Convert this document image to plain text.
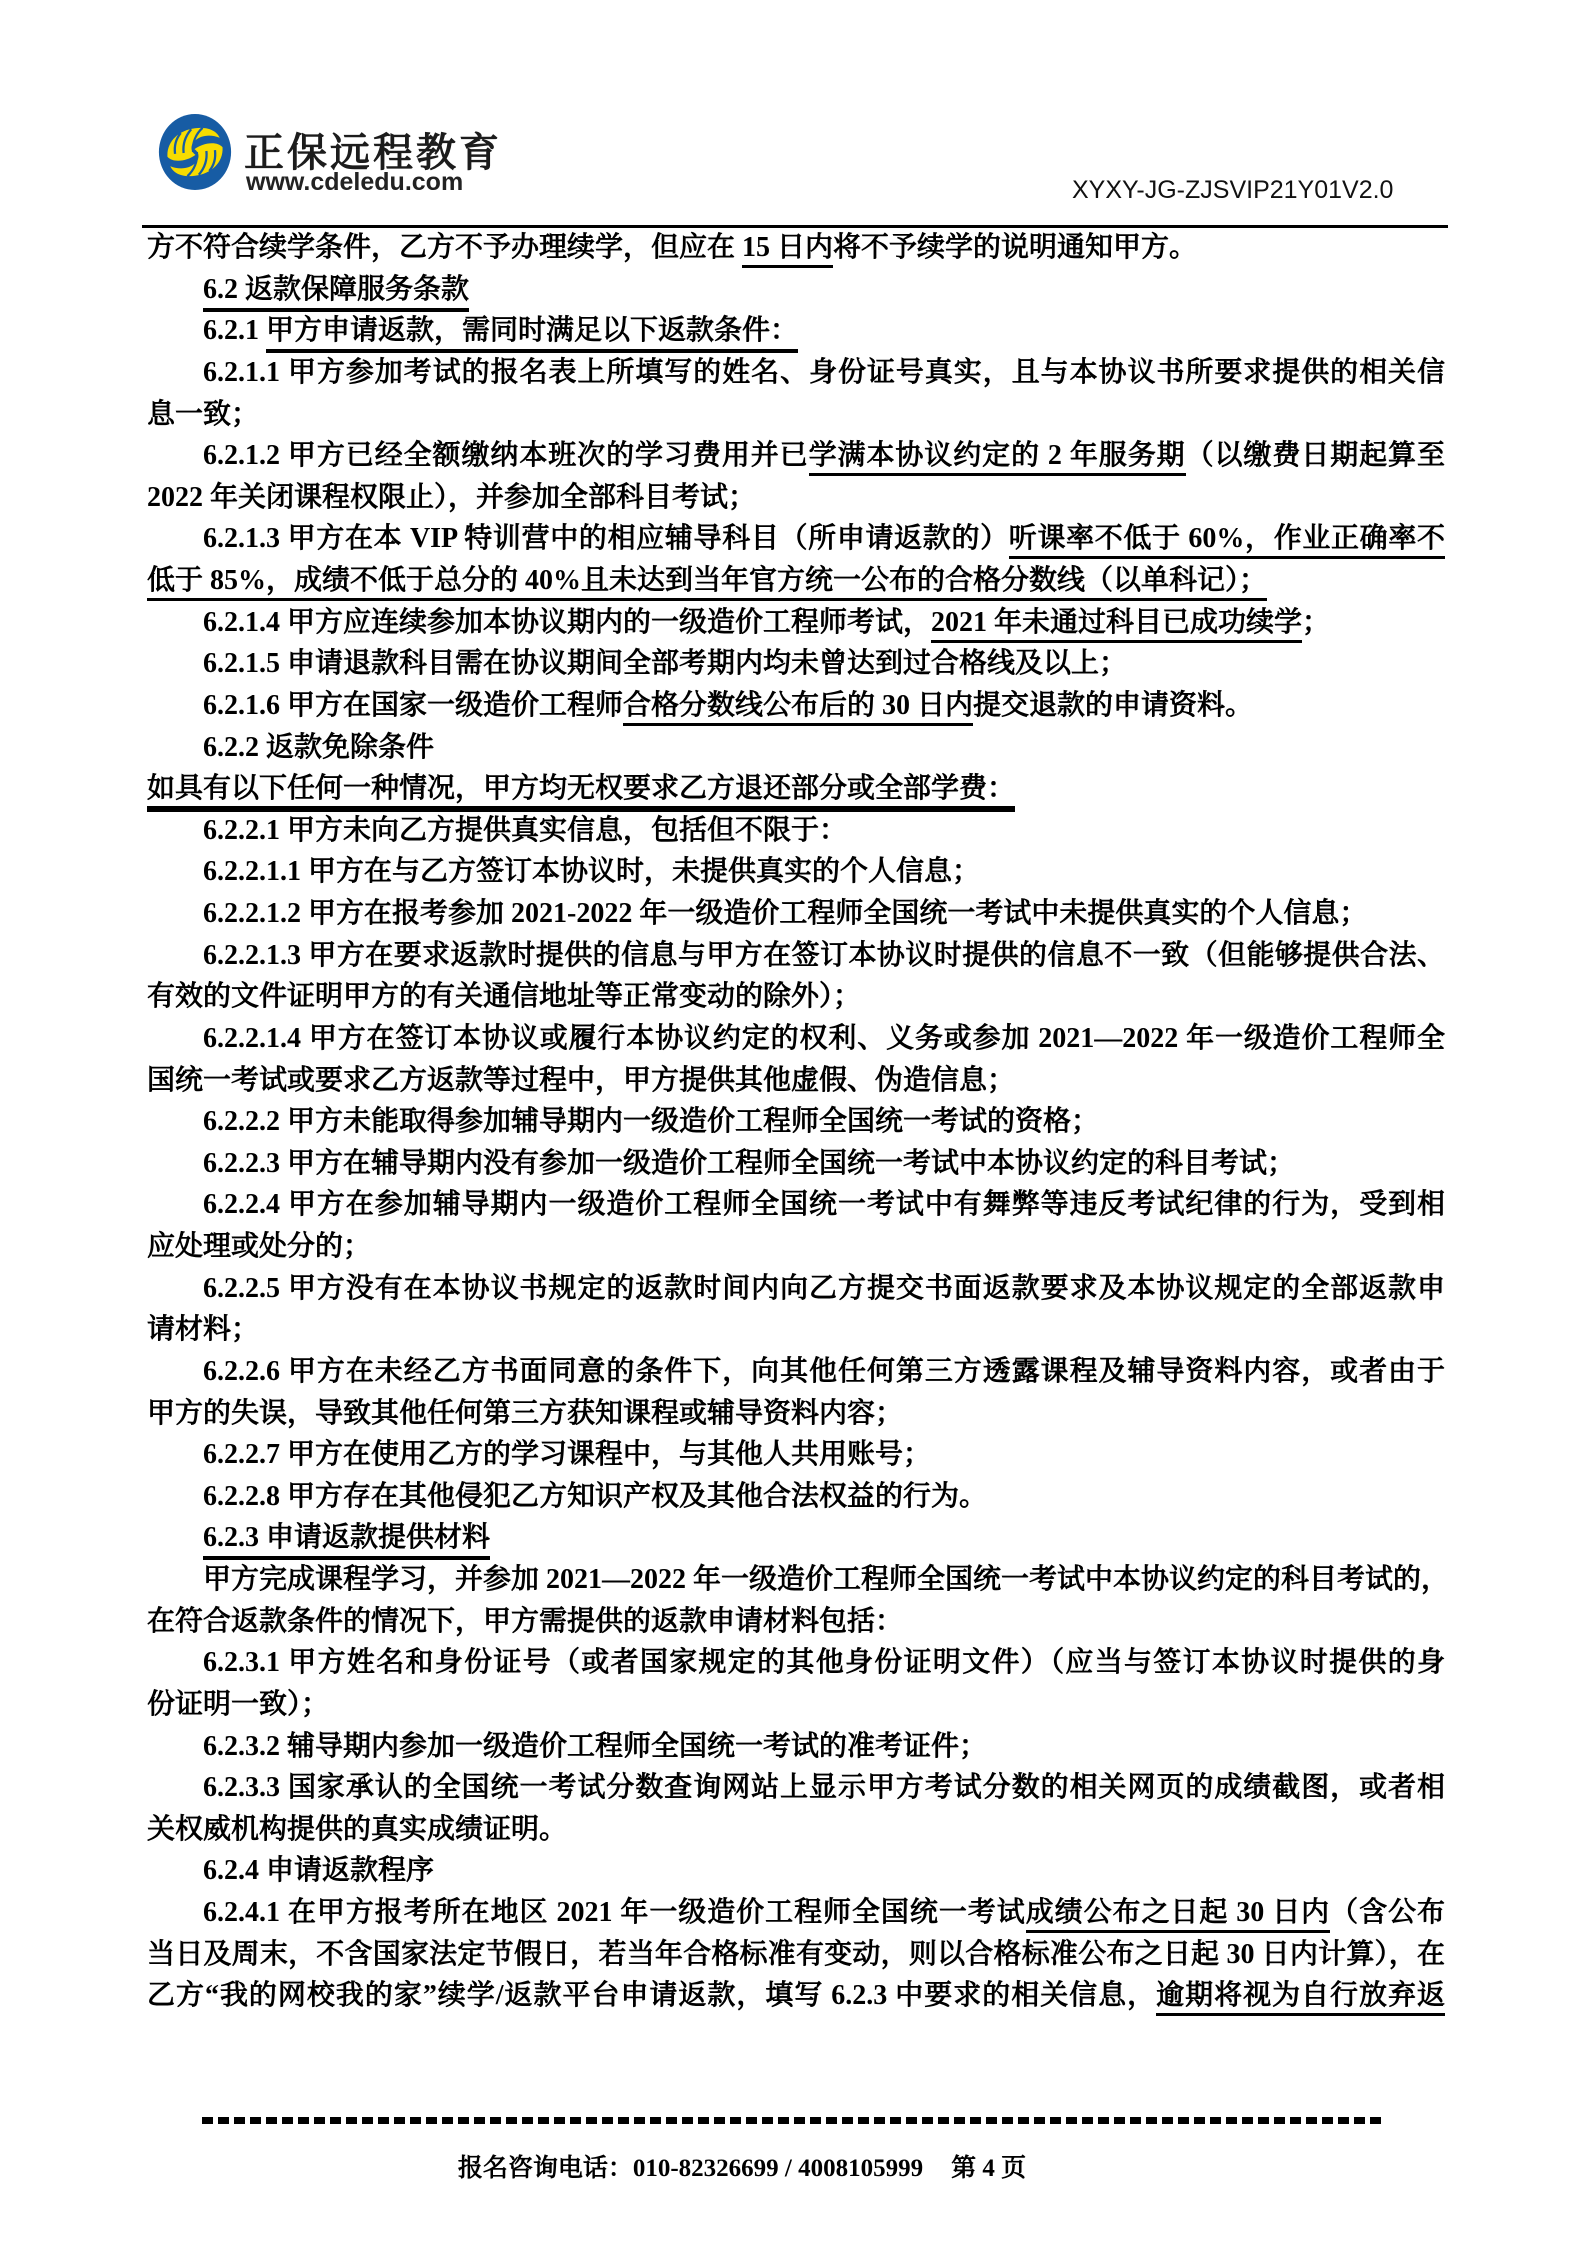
正保远程教育
www.cdeledu.com	XYXY-JG-ZJSVIP21Y01V2.0
方不符合续学条件，乙方不予办理续学，但应在 15 日内将不予续学的说明通知甲方。
6.2 返款保障服务条款
6.2.1 甲方申请返款，需同时满足以下返款条件：
6.2.1.1 甲方参加考试的报名表上所填写的姓名、身份证号真实，且与本协议书所要求提供的相关信
息一致；
6.2.1.2 甲方已经全额缴纳本班次的学习费用并已学满本协议约定的 2 年服务期（以缴费日期起算至
2022 年关闭课程权限止），并参加全部科目考试；
6.2.1.3 甲方在本 VIP 特训营中的相应辅导科目（所申请返款的）听课率不低于 60%，作业正确率不
低于 85%，成绩不低于总分的 40%且未达到当年官方统一公布的合格分数线（以单科记）；
6.2.1.4 甲方应连续参加本协议期内的一级造价工程师考试，2021 年未通过科目已成功续学；
6.2.1.5 申请退款科目需在协议期间全部考期内均未曾达到过合格线及以上；
6.2.1.6 甲方在国家一级造价工程师合格分数线公布后的 30 日内提交退款的申请资料。
6.2.2 返款免除条件
如具有以下任何一种情况，甲方均无权要求乙方退还部分或全部学费：
6.2.2.1 甲方未向乙方提供真实信息，包括但不限于：
6.2.2.1.1 甲方在与乙方签订本协议时，未提供真实的个人信息；
6.2.2.1.2 甲方在报考参加 2021-2022 年一级造价工程师全国统一考试中未提供真实的个人信息；
6.2.2.1.3 甲方在要求返款时提供的信息与甲方在签订本协议时提供的信息不一致（但能够提供合法、
有效的文件证明甲方的有关通信地址等正常变动的除外）；
6.2.2.1.4 甲方在签订本协议或履行本协议约定的权利、义务或参加 2021—2022 年一级造价工程师全
国统一考试或要求乙方返款等过程中，甲方提供其他虚假、伪造信息；
6.2.2.2 甲方未能取得参加辅导期内一级造价工程师全国统一考试的资格；
6.2.2.3 甲方在辅导期内没有参加一级造价工程师全国统一考试中本协议约定的科目考试；
6.2.2.4 甲方在参加辅导期内一级造价工程师全国统一考试中有舞弊等违反考试纪律的行为，受到相
应处理或处分的；
6.2.2.5 甲方没有在本协议书规定的返款时间内向乙方提交书面返款要求及本协议规定的全部返款申
请材料；
6.2.2.6 甲方在未经乙方书面同意的条件下，向其他任何第三方透露课程及辅导资料内容，或者由于
甲方的失误，导致其他任何第三方获知课程或辅导资料内容；
6.2.2.7 甲方在使用乙方的学习课程中，与其他人共用账号；
6.2.2.8 甲方存在其他侵犯乙方知识产权及其他合法权益的行为。
6.2.3 申请返款提供材料
甲方完成课程学习，并参加 2021—2022 年一级造价工程师全国统一考试中本协议约定的科目考试的，
在符合返款条件的情况下，甲方需提供的返款申请材料包括：
6.2.3.1 甲方姓名和身份证号（或者国家规定的其他身份证明文件）（应当与签订本协议时提供的身
份证明一致）；
6.2.3.2 辅导期内参加一级造价工程师全国统一考试的准考证件；
6.2.3.3 国家承认的全国统一考试分数查询网站上显示甲方考试分数的相关网页的成绩截图，或者相
关权威机构提供的真实成绩证明。
6.2.4 申请返款程序
6.2.4.1 在甲方报考所在地区 2021 年一级造价工程师全国统一考试成绩公布之日起 30 日内（含公布
当日及周末，不含国家法定节假日，若当年合格标准有变动，则以合格标准公布之日起 30 日内计算），在
乙方“我的网校我的家”续学/返款平台申请返款，填写 6.2.3 中要求的相关信息，逾期将视为自行放弃返
报名咨询电话：010-82326699 / 4008105999 第 4 页
